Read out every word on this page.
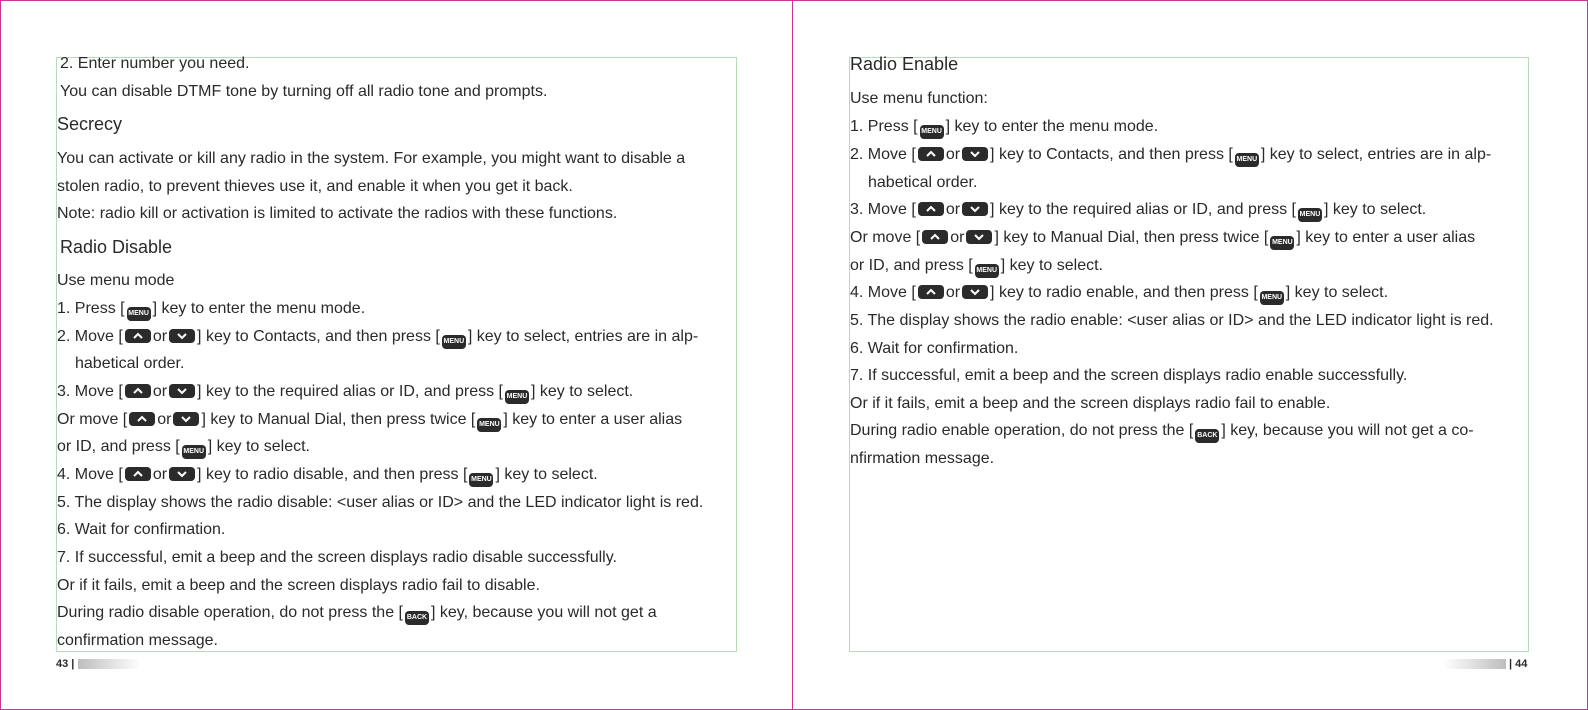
2. Enter number you need.
You can disable DTMF tone by turning off all radio tone and prompts.
Secrecy
You can activate or kill any radio in the system. For example, you might want to disable a
stolen radio, to prevent thieves use it, and enable it when you get it back.
Note: radio kill or activation is limited to activate the radios with these functions.
Radio Disable
Use menu mode
1. Press [ MENU ] key to enter the menu mode.
2. Move [ or ] key to Contacts, and then press [ MENU ] key to select, entries are in alp-
habetical order.
3. Move [ or ] key to the required alias or ID, and press [ MENU ] key to select.
Or move [ or ] key to Manual Dial, then press twice [ MENU ] key to enter a user alias
or ID, and press [ MENU ] key to select.
4. Move [ or ] key to radio disable, and then press [ MENU ] key to select.
5. The display shows the radio disable: <user alias or ID> and the LED indicator light is red.
6. Wait for confirmation.
7. If successful, emit a beep and the screen displays radio disable successfully.
Or if it fails, emit a beep and the screen displays radio fail to disable.
During radio disable operation, do not press the [ BACK ] key, because you will not get a
confirmation message.
43 |
Radio Enable
Use menu function:
1. Press [ MENU ] key to enter the menu mode.
2. Move [ or ] key to Contacts, and then press [ MENU ] key to select, entries are in alp-
habetical order.
3. Move [ or ] key to the required alias or ID, and press [ MENU ] key to select.
Or move [ or ] key to Manual Dial, then press twice [ MENU ] key to enter a user alias
or ID, and press [ MENU ] key to select.
4. Move [ or ] key to radio enable, and then press [ MENU ] key to select.
5. The display shows the radio enable: <user alias or ID> and the LED indicator light is red.
6. Wait for confirmation.
7. If successful, emit a beep and the screen displays radio enable successfully.
Or if it fails, emit a beep and the screen displays radio fail to enable.
During radio enable operation, do not press the [ BACK ] key, because you will not get a co-
nfirmation message.
| 44
